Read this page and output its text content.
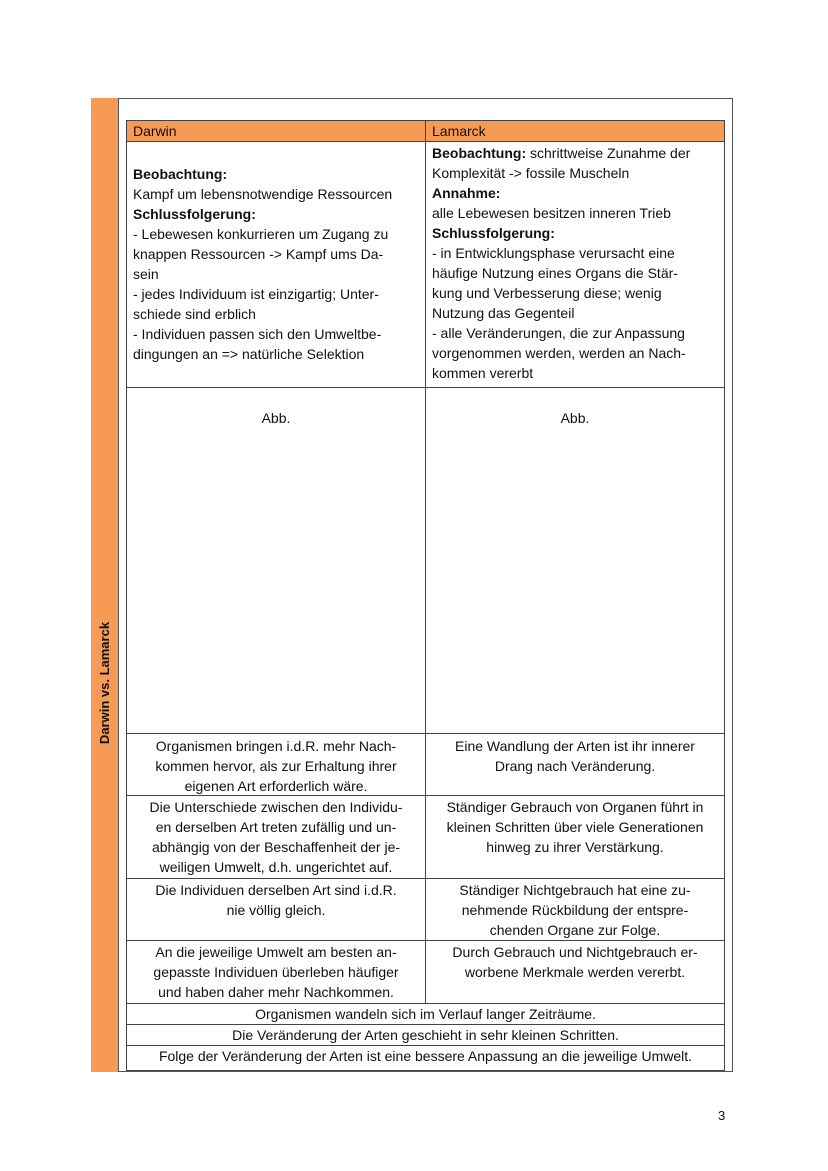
Darwin vs. Lamarck
Darwin	Lamarck
Beobachtung:
Kampf um lebensnotwendige Ressourcen
Schlussfolgerung:
- Lebewesen konkurrieren um Zugang zu
knappen Ressourcen -> Kampf ums Da-
sein
- jedes Individuum ist einzigartig; Unter-
schiede sind erblich
- Individuen passen sich den Umweltbe-
dingungen an => natürliche Selektion
Beobachtung: schrittweise Zunahme der
Komplexität -> fossile Muscheln
Annahme:
alle Lebewesen besitzen inneren Trieb
Schlussfolgerung:
- in Entwicklungsphase verursacht eine
häufige Nutzung eines Organs die Stär-
kung und Verbesserung diese; wenig
Nutzung das Gegenteil
- alle Veränderungen, die zur Anpassung
vorgenommen werden, werden an Nach-
kommen vererbt
Abb.	Abb.
Organismen bringen i.d.R. mehr Nach-
kommen hervor, als zur Erhaltung ihrer
eigenen Art erforderlich wäre.
Eine Wandlung der Arten ist ihr innerer
Drang nach Veränderung.
Die Unterschiede zwischen den Individu-
en derselben Art treten zufällig und un-
abhängig von der Beschaffenheit der je-
weiligen Umwelt, d.h. ungerichtet auf.
Ständiger Gebrauch von Organen führt in
kleinen Schritten über viele Generationen
hinweg zu ihrer Verstärkung.
Die Individuen derselben Art sind i.d.R.
nie völlig gleich.
Ständiger Nichtgebrauch hat eine zu-
nehmende Rückbildung der entspre-
chenden Organe zur Folge.
An die jeweilige Umwelt am besten an-
gepasste Individuen überleben häufiger
und haben daher mehr Nachkommen.
Durch Gebrauch und Nichtgebrauch er-
worbene Merkmale werden vererbt.
Organismen wandeln sich im Verlauf langer Zeiträume.
Die Veränderung der Arten geschieht in sehr kleinen Schritten.
Folge der Veränderung der Arten ist eine bessere Anpassung an die jeweilige Umwelt.
3
